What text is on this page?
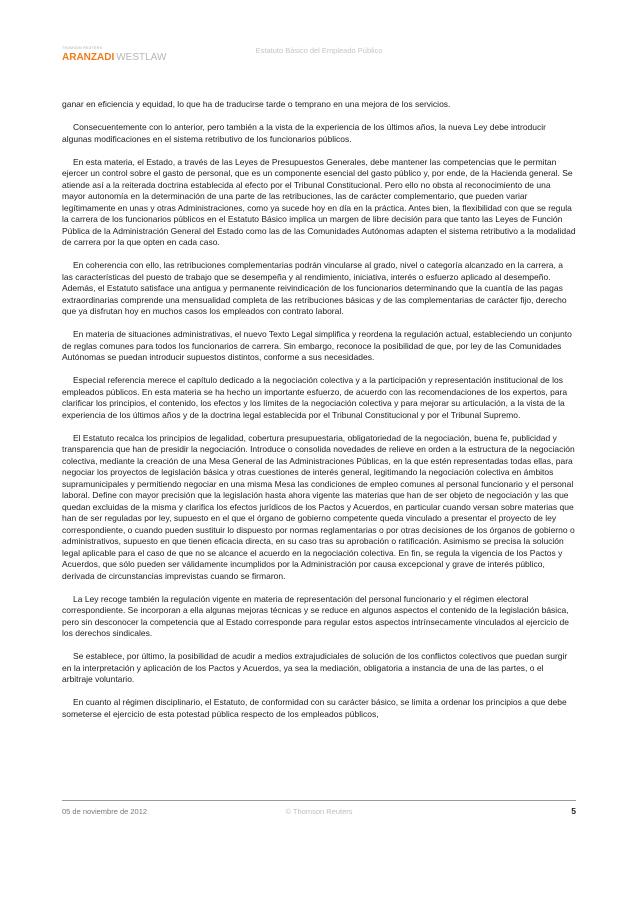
THOMSON REUTERS
ARANZADI WESTLAW
Estatuto Básico del Empleado Público

ganar en eficiencia y equidad, lo que ha de traducirse tarde o temprano en una mejora de los servicios.

Consecuentemente con lo anterior, pero también a la vista de la experiencia de los últimos años, la nueva Ley debe introducir algunas modificaciones en el sistema retributivo de los funcionarios públicos.

En esta materia, el Estado, a través de las Leyes de Presupuestos Generales, debe mantener las competencias que le permitan ejercer un control sobre el gasto de personal, que es un componente esencial del gasto público y, por ende, de la Hacienda general. Se atiende así a la reiterada doctrina establecida al efecto por el Tribunal Constitucional. Pero ello no obsta al reconocimiento de una mayor autonomía en la determinación de una parte de las retribuciones, las de carácter complementario, que pueden variar legítimamente en unas y otras Administraciones, como ya sucede hoy en día en la práctica. Antes bien, la flexibilidad con que se regula la carrera de los funcionarios públicos en el Estatuto Básico implica un margen de libre decisión para que tanto las Leyes de Función Pública de la Administración General del Estado como las de las Comunidades Autónomas adapten el sistema retributivo a la modalidad de carrera por la que opten en cada caso.

En coherencia con ello, las retribuciones complementarias podrán vincularse al grado, nivel o categoría alcanzado en la carrera, a las características del puesto de trabajo que se desempeña y al rendimiento, iniciativa, interés o esfuerzo aplicado al desempeño. Además, el Estatuto satisface una antigua y permanente reivindicación de los funcionarios determinando que la cuantía de las pagas extraordinarias comprende una mensualidad completa de las retribuciones básicas y de las complementarias de carácter fijo, derecho que ya disfrutan hoy en muchos casos los empleados con contrato laboral.

En materia de situaciones administrativas, el nuevo Texto Legal simplifica y reordena la regulación actual, estableciendo un conjunto de reglas comunes para todos los funcionarios de carrera. Sin embargo, reconoce la posibilidad de que, por ley de las Comunidades Autónomas se puedan introducir supuestos distintos, conforme a sus necesidades.

Especial referencia merece el capítulo dedicado a la negociación colectiva y a la participación y representación institucional de los empleados públicos. En esta materia se ha hecho un importante esfuerzo, de acuerdo con las recomendaciones de los expertos, para clarificar los principios, el contenido, los efectos y los límites de la negociación colectiva y para mejorar su articulación, a la vista de la experiencia de los últimos años y de la doctrina legal establecida por el Tribunal Constitucional y por el Tribunal Supremo.

El Estatuto recalca los principios de legalidad, cobertura presupuestaria, obligatoriedad de la negociación, buena fe, publicidad y transparencia que han de presidir la negociación. Introduce o consolida novedades de relieve en orden a la estructura de la negociación colectiva, mediante la creación de una Mesa General de las Administraciones Públicas, en la que estén representadas todas ellas, para negociar los proyectos de legislación básica y otras cuestiones de interés general, legitimando la negociación colectiva en ámbitos supramunicipales y permitiendo negociar en una misma Mesa las condiciones de empleo comunes al personal funcionario y el personal laboral. Define con mayor precisión que la legislación hasta ahora vigente las materias que han de ser objeto de negociación y las que quedan excluidas de la misma y clarifica los efectos jurídicos de los Pactos y Acuerdos, en particular cuando versan sobre materias que han de ser reguladas por ley, supuesto en el que el órgano de gobierno competente queda vinculado a presentar el proyecto de ley correspondiente, o cuando pueden sustituir lo dispuesto por normas reglamentarias o por otras decisiones de los órganos de gobierno o administrativos, supuesto en que tienen eficacia directa, en su caso tras su aprobación o ratificación. Asimismo se precisa la solución legal aplicable para el caso de que no se alcance el acuerdo en la negociación colectiva. En fin, se regula la vigencia de los Pactos y Acuerdos, que sólo pueden ser válidamente incumplidos por la Administración por causa excepcional y grave de interés público, derivada de circunstancias imprevistas cuando se firmaron.

La Ley recoge también la regulación vigente en materia de representación del personal funcionario y el régimen electoral correspondiente. Se incorporan a ella algunas mejoras técnicas y se reduce en algunos aspectos el contenido de la legislación básica, pero sin desconocer la competencia que al Estado corresponde para regular estos aspectos intrínsecamente vinculados al ejercicio de los derechos sindicales.

Se establece, por último, la posibilidad de acudir a medios extrajudiciales de solución de los conflictos colectivos que puedan surgir en la interpretación y aplicación de los Pactos y Acuerdos, ya sea la mediación, obligatoria a instancia de una de las partes, o el arbitraje voluntario.

En cuanto al régimen disciplinario, el Estatuto, de conformidad con su carácter básico, se limita a ordenar los principios a que debe someterse el ejercicio de esta potestad pública respecto de los empleados públicos,

05 de noviembre de 2012	© Thomson Reuters	5
